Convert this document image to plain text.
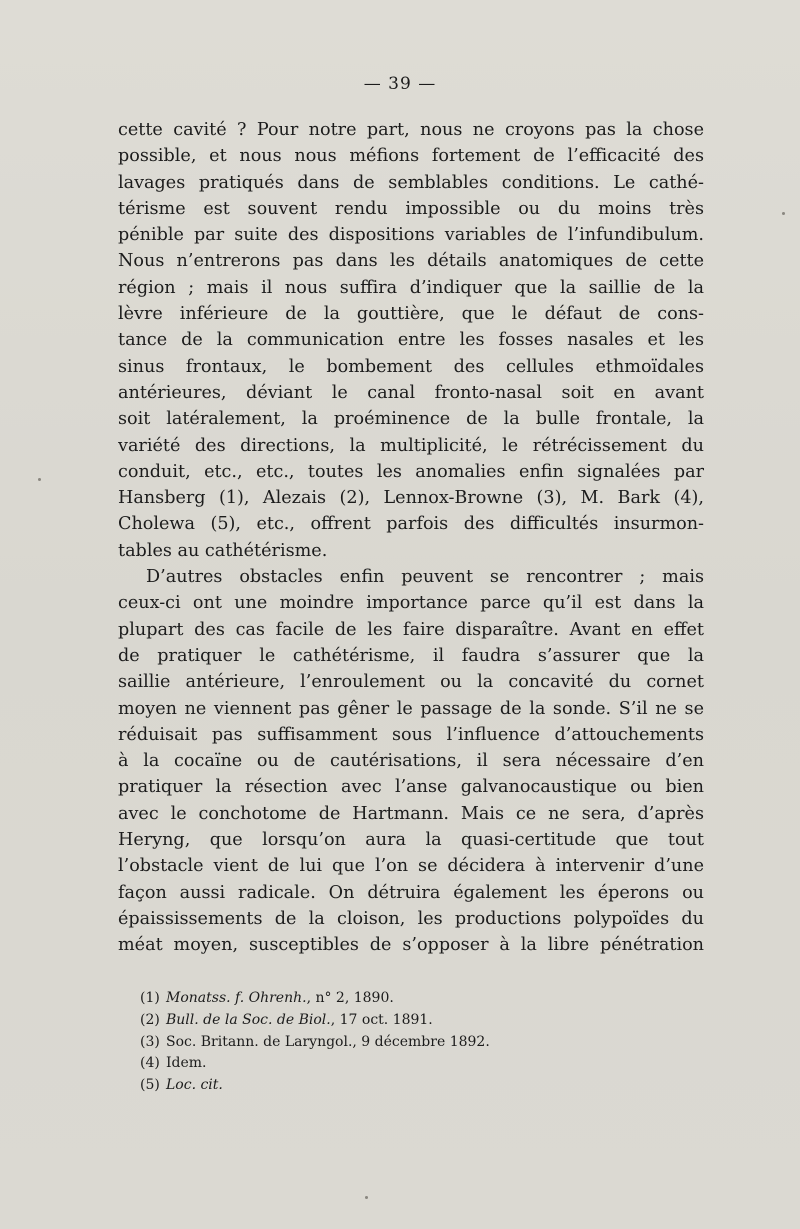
— 39 —
cette cavité ? Pour notre part, nous ne croyons pas la chose
possible, et nous nous méfions fortement de l’efficacité des
lavages pratiqués dans de semblables conditions. Le cathé-
térisme est souvent rendu impossible ou du moins très
pénible par suite des dispositions variables de l’infundibulum.
Nous n’entrerons pas dans les détails anatomiques de cette
région ; mais il nous suffira d’indiquer que la saillie de la
lèvre inférieure de la gouttière, que le défaut de cons-
tance de la communication entre les fosses nasales et les
sinus frontaux, le bombement des cellules ethmoïdales
antérieures, déviant le canal fronto-nasal soit en avant
soit latéralement, la proéminence de la bulle frontale, la
variété des directions, la multiplicité, le rétrécissement du
conduit, etc., etc., toutes les anomalies enfin signalées par
Hansberg (1), Alezais (2), Lennox-Browne (3), M. Bark (4),
Cholewa (5), etc., offrent parfois des difficultés insurmon-
tables au cathétérisme.
D’autres obstacles enfin peuvent se rencontrer ; mais
ceux-ci ont une moindre importance parce qu’il est dans la
plupart des cas facile de les faire disparaître. Avant en effet
de pratiquer le cathétérisme, il faudra s’assurer que la
saillie antérieure, l’enroulement ou la concavité du cornet
moyen ne viennent pas gêner le passage de la sonde. S’il ne se
réduisait pas suffisamment sous l’influence d’attouchements
à la cocaïne ou de cautérisations, il sera nécessaire d’en
pratiquer la résection avec l’anse galvanocaustique ou bien
avec le conchotome de Hartmann. Mais ce ne sera, d’après
Heryng, que lorsqu’on aura la quasi-certitude que tout
l’obstacle vient de lui que l’on se décidera à intervenir d’une
façon aussi radicale. On détruira également les éperons ou
épaississements de la cloison, les productions polypoïdes du
méat moyen, susceptibles de s’opposer à la libre pénétration
(1) Monatss. f. Ohrenh., n° 2, 1890.
(2) Bull. de la Soc. de Biol., 17 oct. 1891.
(3) Soc. Britann. de Laryngol., 9 décembre 1892.
(4) Idem.
(5) Loc. cit.
